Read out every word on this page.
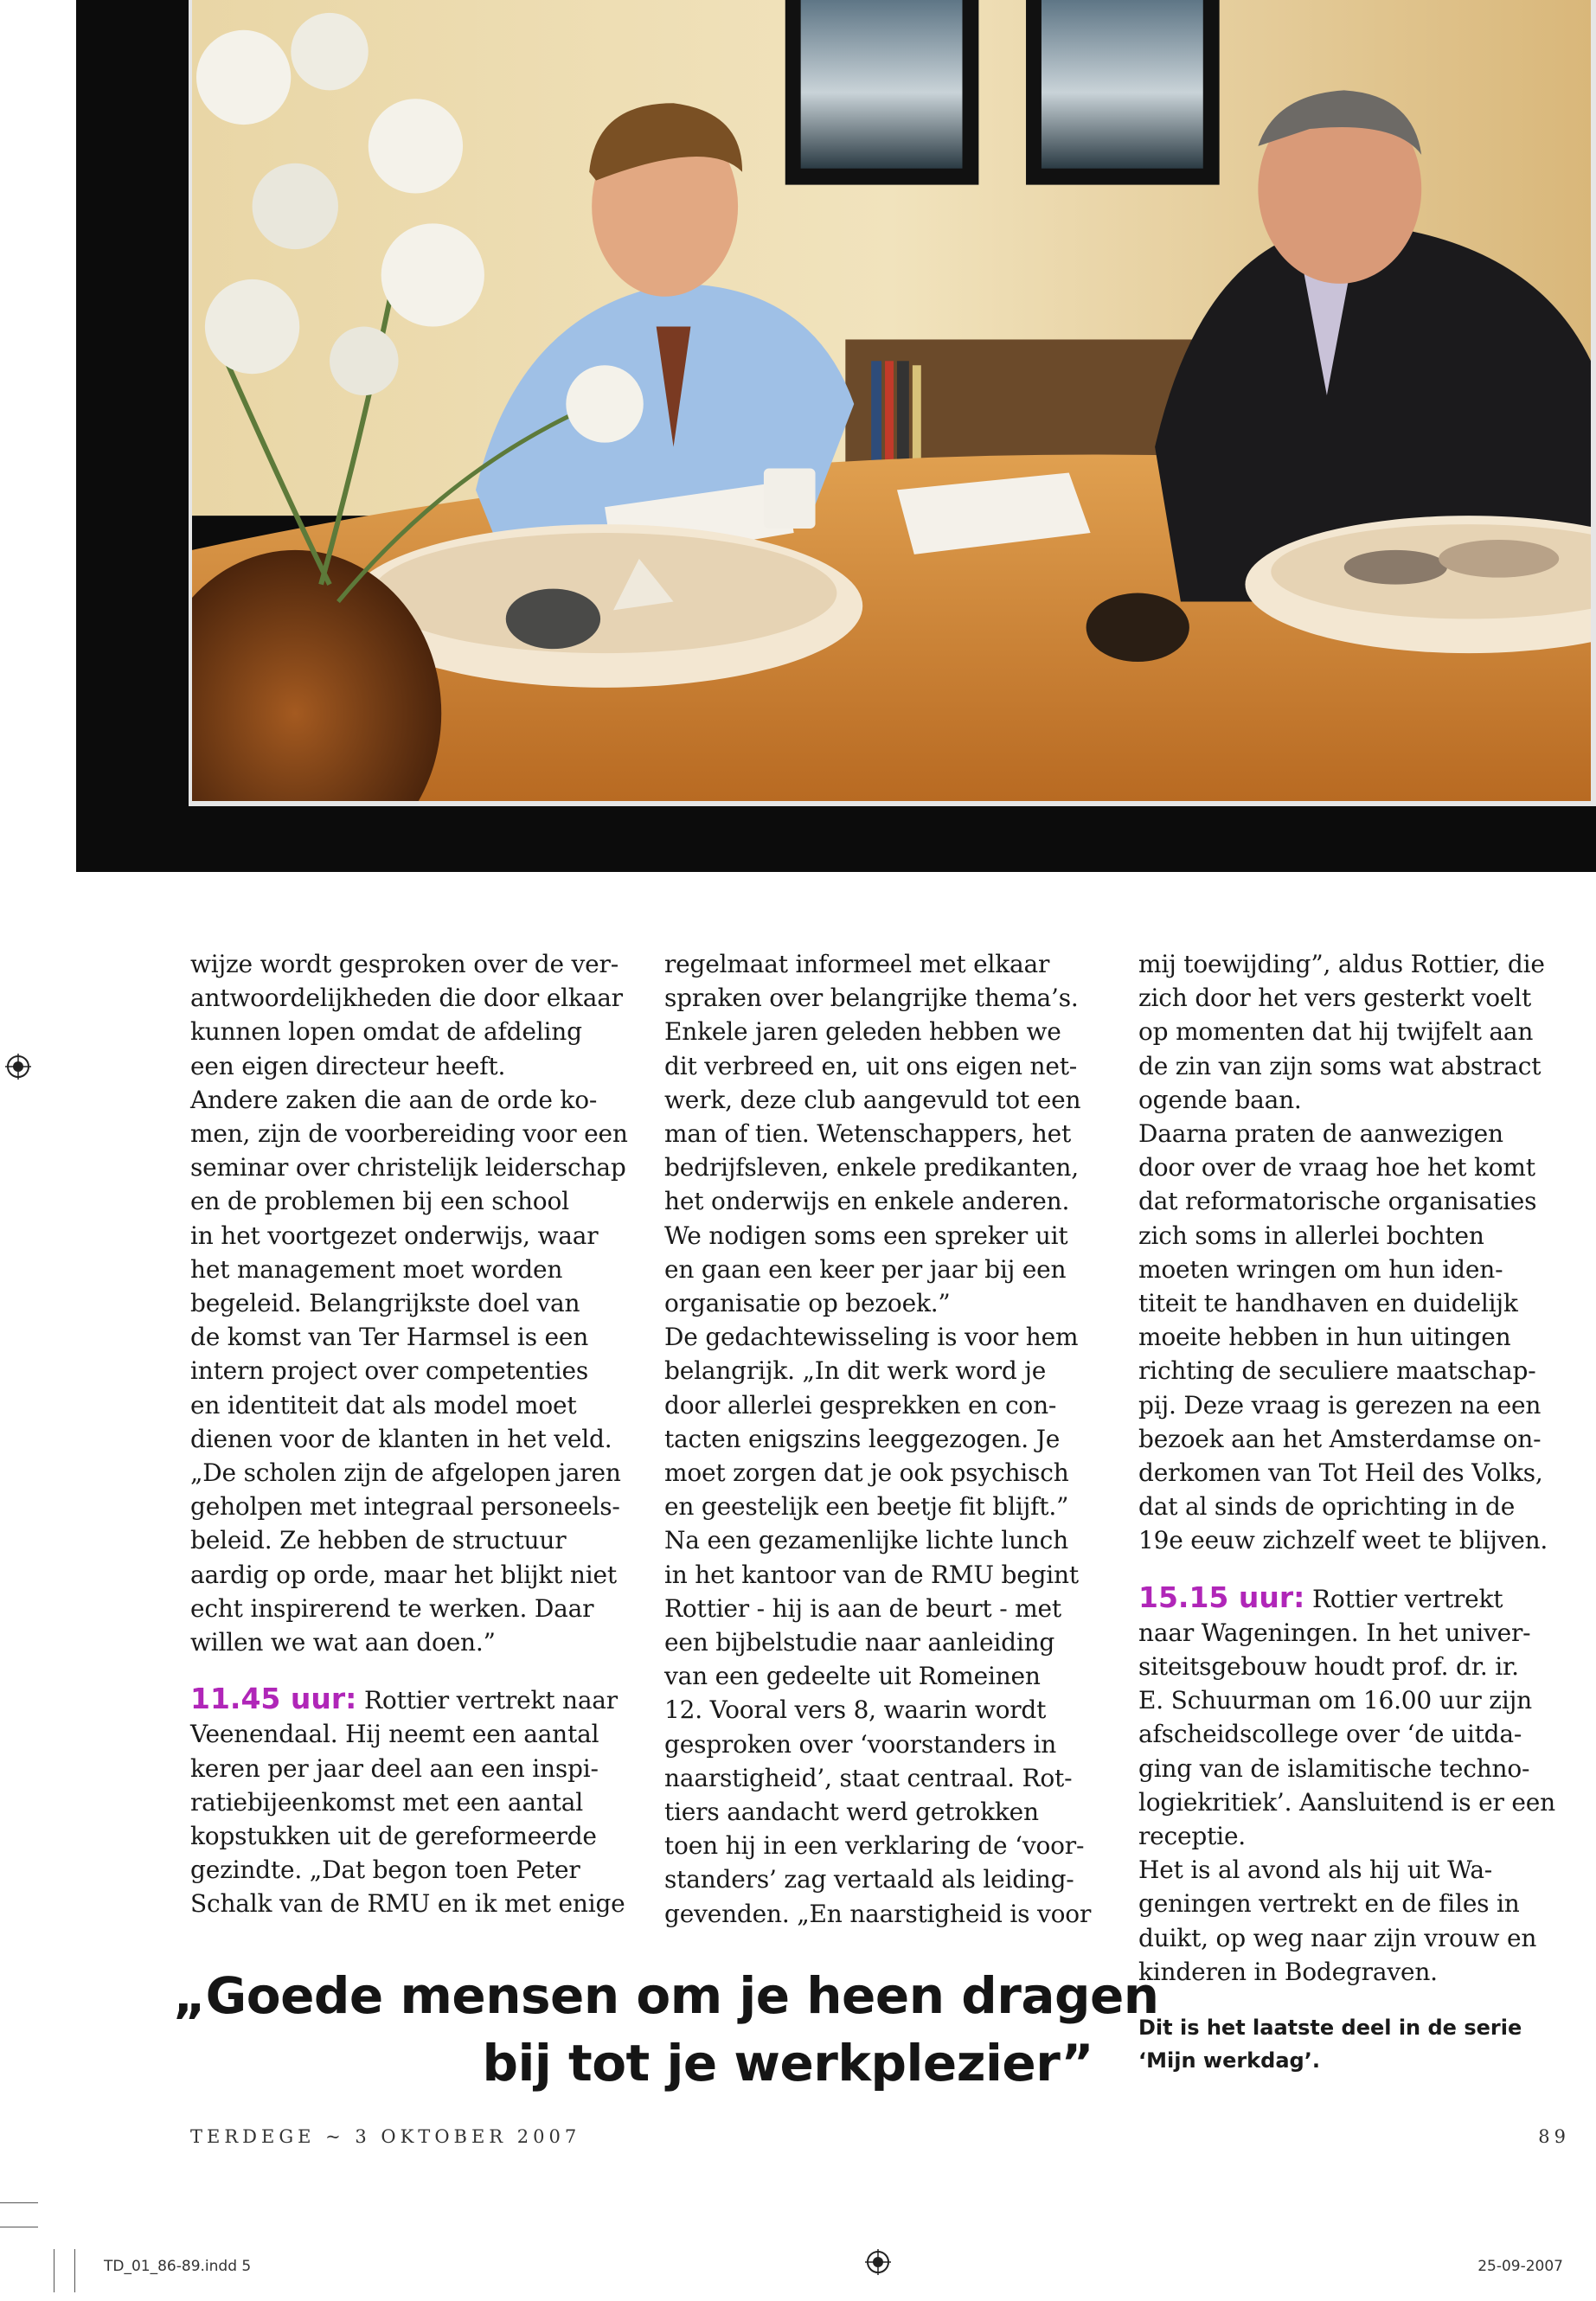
wijze wordt gesproken over de ver-

antwoordelijkheden die door elkaar

kunnen lopen omdat de afdeling

een eigen directeur heeft.

Andere zaken die aan de orde ko-

men, zijn de voorbereiding voor een

seminar over christelijk leiderschap

en de problemen bij een school

in het voortgezet onderwijs, waar

het management moet worden

begeleid. Belangrijkste doel van

de komst van Ter Harmsel is een

intern project over competenties

en identiteit dat als model moet

dienen voor de klanten in het veld.

„De scholen zijn de afgelopen jaren

geholpen met integraal personeels-

beleid. Ze hebben de structuur

aardig op orde, maar het blijkt niet

echt inspirerend te werken. Daar

willen we wat aan doen.”

11.45 uur: Rottier vertrekt naar

Veenendaal. Hij neemt een aantal

keren per jaar deel aan een inspi-

ratiebijeenkomst met een aantal

kopstukken uit de gereformeerde

gezindte. „Dat begon toen Peter

Schalk van de RMU en ik met enige

regelmaat informeel met elkaar

spraken over belangrijke thema’s.

Enkele jaren geleden hebben we

dit verbreed en, uit ons eigen net-

werk, deze club aangevuld tot een

man of tien. Wetenschappers, het

bedrijfsleven, enkele predikanten,

het onderwijs en enkele anderen.

We nodigen soms een spreker uit

en gaan een keer per jaar bij een

organisatie op bezoek.”

De gedachtewisseling is voor hem

belangrijk. „In dit werk word je

door allerlei gesprekken en con-

tacten enigszins leeggezogen. Je

moet zorgen dat je ook psychisch

en geestelijk een beetje fit blijft.”

Na een gezamenlijke lichte lunch

in het kantoor van de RMU begint

Rottier - hij is aan de beurt - met

een bijbelstudie naar aanleiding

van een gedeelte uit Romeinen

12. Vooral vers 8, waarin wordt

gesproken over ‘voorstanders in

naarstigheid’, staat centraal. Rot-

tiers aandacht werd getrokken

toen hij in een verklaring de ‘voor-

standers’ zag vertaald als leiding-

gevenden. „En naarstigheid is voor

mij toewijding”, aldus Rottier, die

zich door het vers gesterkt voelt

op momenten dat hij twijfelt aan

de zin van zijn soms wat abstract

ogende baan.

Daarna praten de aanwezigen

door over de vraag hoe het komt

dat reformatorische organisaties

zich soms in allerlei bochten

moeten wringen om hun iden-

titeit te handhaven en duidelijk

moeite hebben in hun uitingen

richting de seculiere maatschap-

pij. Deze vraag is gerezen na een

bezoek aan het Amsterdamse on-

derkomen van Tot Heil des Volks,

dat al sinds de oprichting in de

19e eeuw zichzelf weet te blijven.

15.15 uur: Rottier vertrekt

naar Wageningen. In het univer-

siteitsgebouw houdt prof. dr. ir.

E. Schuurman om 16.00 uur zijn

afscheidscollege over ‘de uitda-

ging van de islamitische techno-

logiekritiek’. Aansluitend is er een

receptie.

Het is al avond als hij uit Wa-

geningen vertrekt en de files in

duikt, op weg naar zijn vrouw en

kinderen in Bodegraven.

Dit is het laatste deel in de serie

‘Mijn werkdag’.

„Goede mensen om je heen dragen
bij tot je werkplezier”
TERDEGE ~ 3 OKTOBER 2007	89
TD_01_86-89.indd 5	25-09-2007
